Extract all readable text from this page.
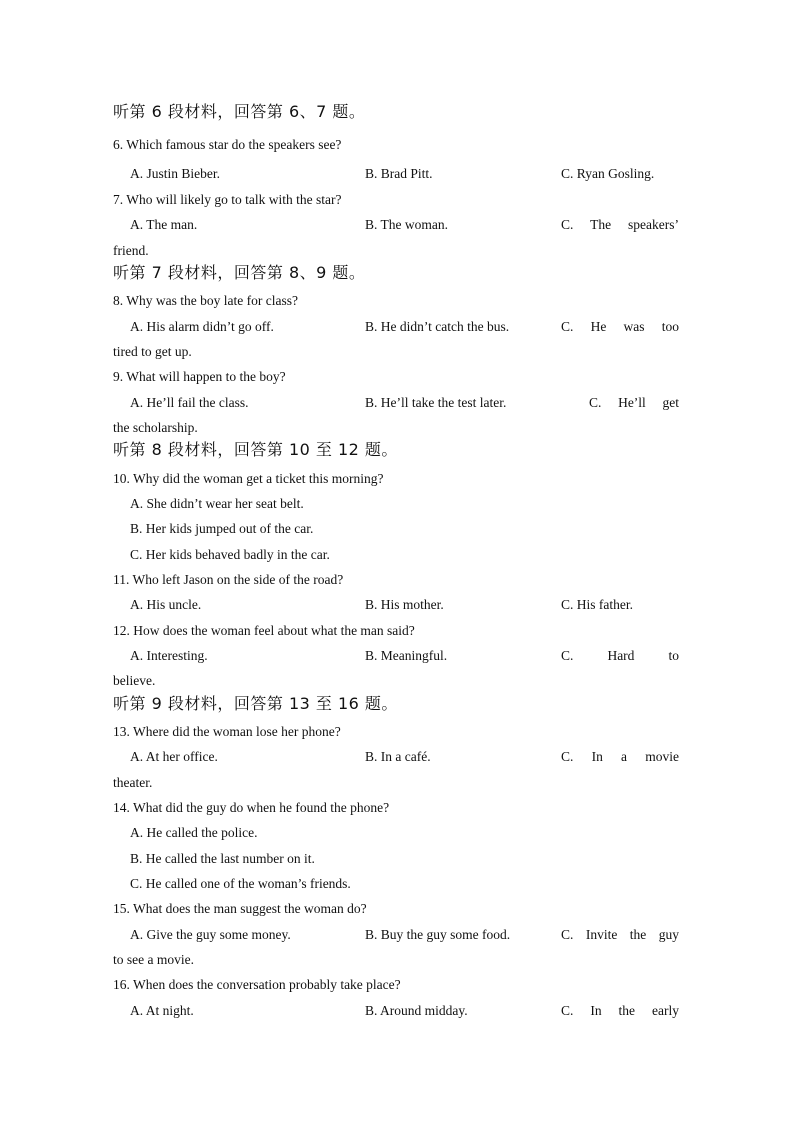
听第 6 段材料，回答第 6、7 题。
6. Which famous star do the speakers see?
A. Justin Bieber.	B. Brad Pitt.	C. Ryan Gosling.
7. Who will likely go to talk with the star?
A. The man.	B. The woman.	C. The speakers’
friend.
听第 7 段材料，回答第 8、9 题。
8. Why was the boy late for class?
A. His alarm didn’t go off.	B. He didn’t catch the bus.	C. He was too
tired to get up.
9. What will happen to the boy?
A. He’ll fail the class.	B. He’ll take the test later.	C. He’ll get
the scholarship.
听第 8 段材料，回答第 10 至 12 题。
10. Why did the woman get a ticket this morning?
A. She didn’t wear her seat belt.
B. Her kids jumped out of the car.
C. Her kids behaved badly in the car.
11. Who left Jason on the side of the road?
A. His uncle.	B. His mother.	C. His father.
12. How does the woman feel about what the man said?
A. Interesting.	B. Meaningful.	C. Hard to
believe.
听第 9 段材料，回答第 13 至 16 题。
13. Where did the woman lose her phone?
A. At her office.	B. In a café.	C. In a movie
theater.
14. What did the guy do when he found the phone?
A. He called the police.
B. He called the last number on it.
C. He called one of the woman’s friends.
15. What does the man suggest the woman do?
A. Give the guy some money.	B. Buy the guy some food.	C. Invite the guy
to see a movie.
16. When does the conversation probably take place?
A. At night.	B. Around midday.	C. In the early
